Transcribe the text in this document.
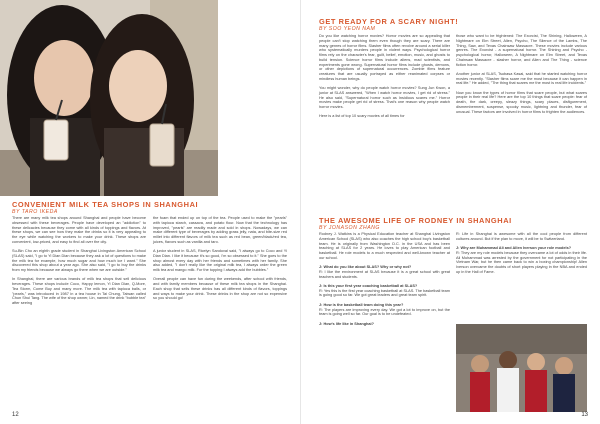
CONVENIENT MILK TEA SHOPS IN SHANGHAI
BY TARO IKEDA

There are many milk tea shops around Shanghai and people have become obsessed with these beverages. People have developed an "addiction" to these delicacies because they come with all kinds of toppings and flavors. At these shops, we can see how they make the drinks so it is very appealing to the eye while watching the workers to make your drink. These shops are convenient, low-priced, and easy to find all over the city.

Su-Bin Cho an eighth grade student in Shanghai Livingston American School (SLAS) said, "I go to Yi Dian Dian because they ask a lot of questions to make the milk tea for example, how much sugar and how much ice I want." She discovered this shop about a year ago. She also said, "I go to buy the drinks from my friends because we always go there when we are outside."

In Shanghai, there are various brands of milk tea shops that sell delicious beverages. These shops include Coco, Happy lemon, Yi Dian Dian, Q-More, Tea Storm, Come Buy and many more. The milk tea with tapioca balls, or "pearls," was introduced in 1987 in a tea house in Tai Chung, Taiwan called Chun Shui Tang. The wife of the shop owner, Lin, named the drink "bubble tea" after seeing

the foam that ended up on top of the tea. People used to make the "pearls" with tapioca starch, cassava, and potato flour. Now that the technology has improved, "pearls" are readily made and sold in shops. Nowadays, we can make different type of beverages by adding grass jelly, nata, and bite-size red millet into different flavors of milk tea such as red bean, green/black/red tea, juices, flavors such as vanilla and taro.

A junior student in SLAS, Ricelyn Sandoval said, "I always go to Coco and Yi Dian Dian. I like it because it's so good, I'm so obsessed to it." She goes to the shop almost every day with her friends and sometimes with her family. She also added, "I don't really like the original milk tea, I always order the green milk tea and mango milk. For the topping I always add the bubbles."

Overall people can have fun during the weekends, after school with friends, and with family members because of these milk tea shops in the Shanghai. Each shop that sells these drinks has all different kinds of flavors, toppings and ways to make your drink. These drinks in the shop are not so expensive so you should go!

12
GET READY FOR A SCARY NIGHT!
BY SOO YEON NAM

Do you like watching horror movies? Horror movies are so appealing that people can't stop watching them even though they are scary. There are many genres of horror films. Slasher films often revolve around a serial killer who systematically murders people in violent ways. Psychological horror films rely on the character's fear, guilt, belief, emotion, music, and ghosts to build tension. Science horror films include aliens, mad scientists, and experiments gone wrong. Supernatural horror films include ghosts, demons, or other depictions of supernatural occurrences. Zombie films feature creatures that are usually portrayed as either reanimated corpses or mindless human beings.

You might wonder, why do people watch horror movies? Sung Jun Kwon, a junior at SLAS answered, "When I watch horror movies, I get rid of stress." He also said, "Supernatural horror such as Insidious scares me." Horror movies make people get rid of stress. That's one reason why people watch horror movies.

Here is a list of top 10 scary movies of all times for

those who want to be frightened: The Exorcist, The Shining, Halloween, A Nightmare on Elm Street, Alien, Psycho, The Silence of the Lambs, The Thing, Saw, and Texas Chainsaw Massacre. These movies include various genres. The Exorcist - a supernatural horror. The Shining and Psycho - psychological horror, Halloween, A Nightmare on Elm Street, and Texas Chainsaw Massacre - slasher horror, and Alien and The Thing - science fiction horror.

Another junior at SLAS, Tsubasa Kasai, said that he started watching horror movies recently. "Slasher films scare me the most because it can happen in real life." He added, "The thing that scares me the most is real life incidents."

Now you know the types of horror films that scare people, but what scares people in their real life? Here are the top 10 things that scare people: fear of death, the dark, creepy, sleazy things, scary places, disfigurement, dismemberment, suspense, spooky music, lightning and thunder, fear of unusual. These factors are involved in horror films to frighten the audiences.

THE AWESOME LIFE OF RODNEY IN SHANGHAI
BY JONASON ZHANG

Rodney J. Watkins is a Physical Education teacher at Shanghai Livingston American School (SLAS) who also coaches the high school boy's basketball team. He is originally from Washington D.C. in the USA and has been teaching at SLAS for 2 years. He loves to play American football and basketball. He role models to a much respected and well-known teacher at our school.

J: What do you like about SLAS? Why or why not?

R: I like the environment at SLAS because it is a great school with great teachers and students.

J: Is this your first year coaching basketball at SLAS?

R: Yes this is the first year coaching basketball at SLAS. The basketball team is going good so far. We got great leaders and great team spirit.

J: How is the basketball team doing this year?

R: The players are improving every day. We got a lot to improve on, but the team is going well so far. Our goal is to be undefeated.

J: How's life like in Shanghai?

R: Life in Shanghai is awesome with all the cool people from different cultures around. But if the plan to move, it will be to Switzerland.

J: Why are Muhammad Ali and Allen Iverson your role models?

R: They are my role models because they overcame a lot of odds in their life. Ali Muhammad was arrested by the government for not participating in the Vietnam War, but he then came back to win a boxing championship! Allen Iverson overcame the doubts of short players playing in the NBA and ended up in the Hall of Fame.

13
